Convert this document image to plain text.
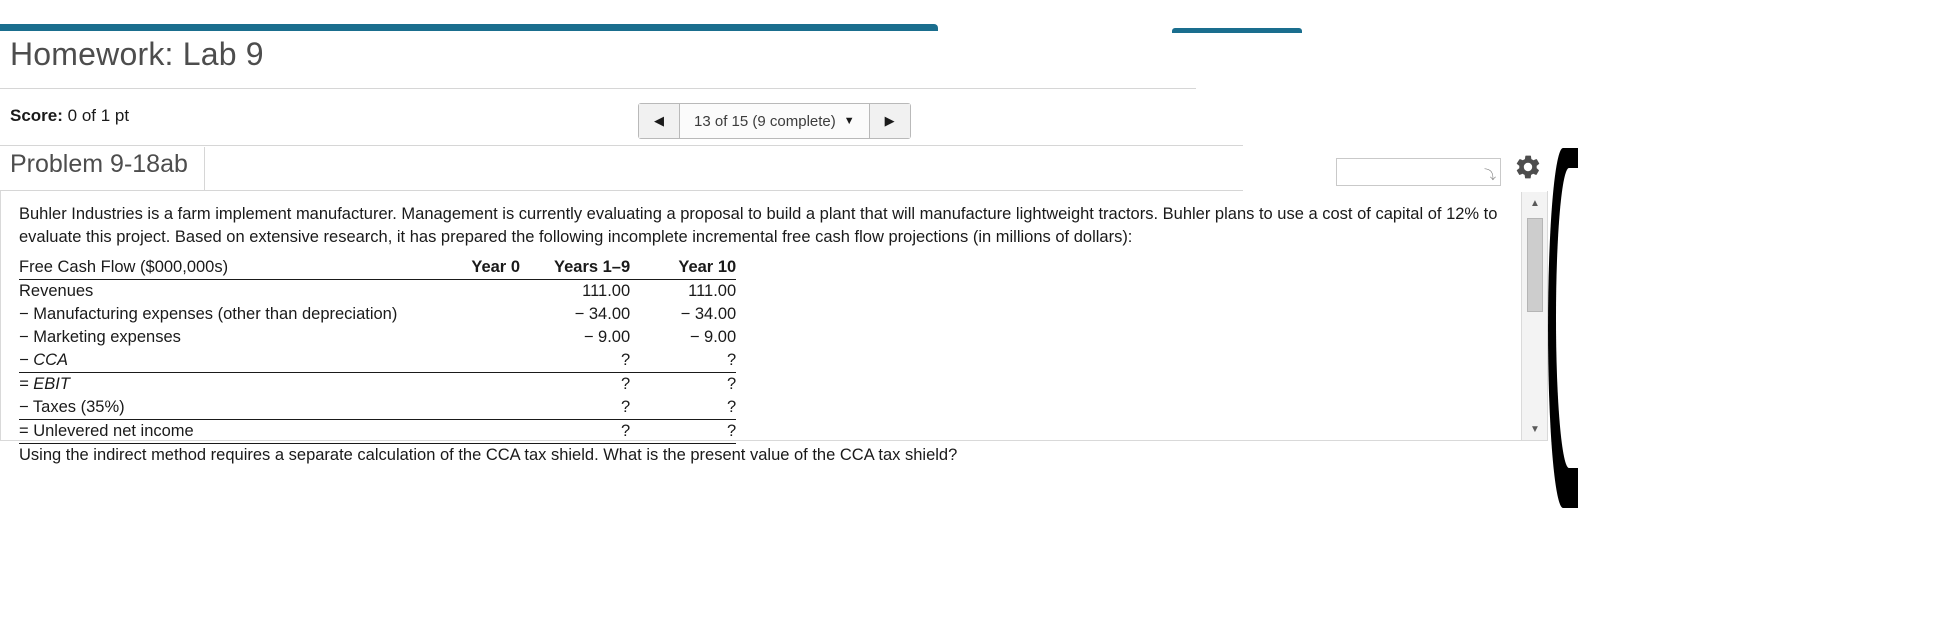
Homework: Lab 9
Score: 0 of 1 pt	◀	13 of 15 (9 complete) ▼	▶
Problem 9-18ab	⤵
Buhler Industries is a farm implement manufacturer. Management is currently evaluating a proposal to build a plant that will manufacture lightweight tractors. Buhler plans to use a cost of capital of 12% to evaluate this project. Based on extensive research, it has prepared the following incomplete incremental free cash flow projections (in millions of dollars):
Free Cash Flow ($000,000s)	Year 0	Years 1–9	Year 10
Revenues		111.00	111.00
− Manufacturing expenses (other than depreciation)		− 34.00	− 34.00
− Marketing expenses		− 9.00	− 9.00
− CCA		?	?
= EBIT		?	?
− Taxes (35%)		?	?
= Unlevered net income		?	?
Using the indirect method requires a separate calculation of the CCA tax shield. What is the present value of the CCA tax shield?
▲
▼
